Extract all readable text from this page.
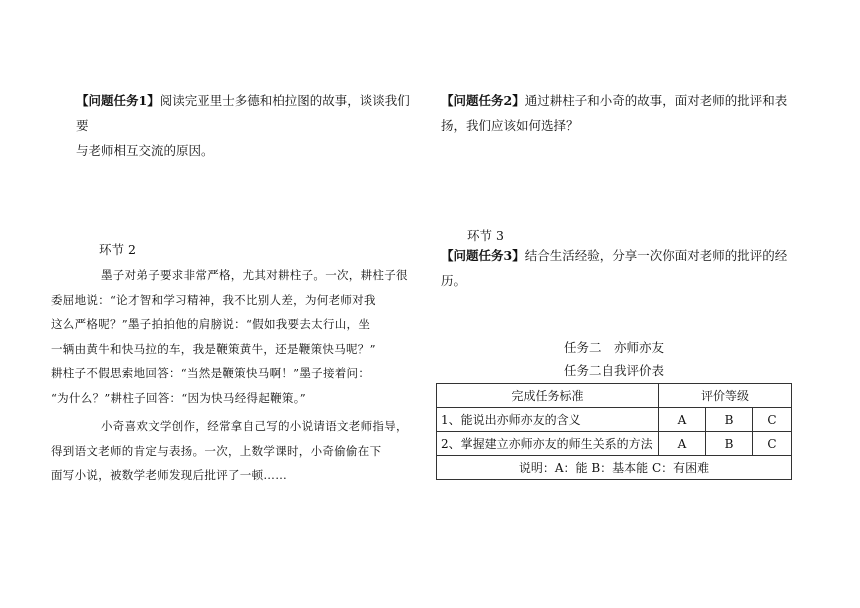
【问题任务1】阅读完亚里士多德和柏拉图的故事，谈谈我们要
与老师相互交流的原因。
环节 2

墨子对弟子要求非常严格，尤其对耕柱子。一次，耕柱子很
委屈地说：“论才智和学习精神，我不比别人差，为何老师对我
这么严格呢？”墨子拍拍他的肩膀说：“假如我要去太行山，坐
一辆由黄牛和快马拉的车，我是鞭策黄牛，还是鞭策快马呢？”
耕柱子不假思索地回答：“当然是鞭策快马啊！”墨子接着问：
“为什么？”耕柱子回答：“因为快马经得起鞭策。”

小奇喜欢文学创作，经常拿自己写的小说请语文老师指导，
得到语文老师的肯定与表扬。一次，上数学课时，小奇偷偷在下
面写小说，被数学老师发现后批评了一顿……

【问题任务2】通过耕柱子和小奇的故事，面对老师的批评和表
扬，我们应该如何选择？
环节 3
【问题任务3】结合生活经验，分享一次你面对老师的批评的经
历。
任务二　亦师亦友
任务二自我评价表
完成任务标准	评价等级		
1、能说出亦师亦友的含义	A	B	C
2、掌握建立亦师亦友的师生关系的方法	A	B	C
说明：A：能 B：基本能 C：有困难			
